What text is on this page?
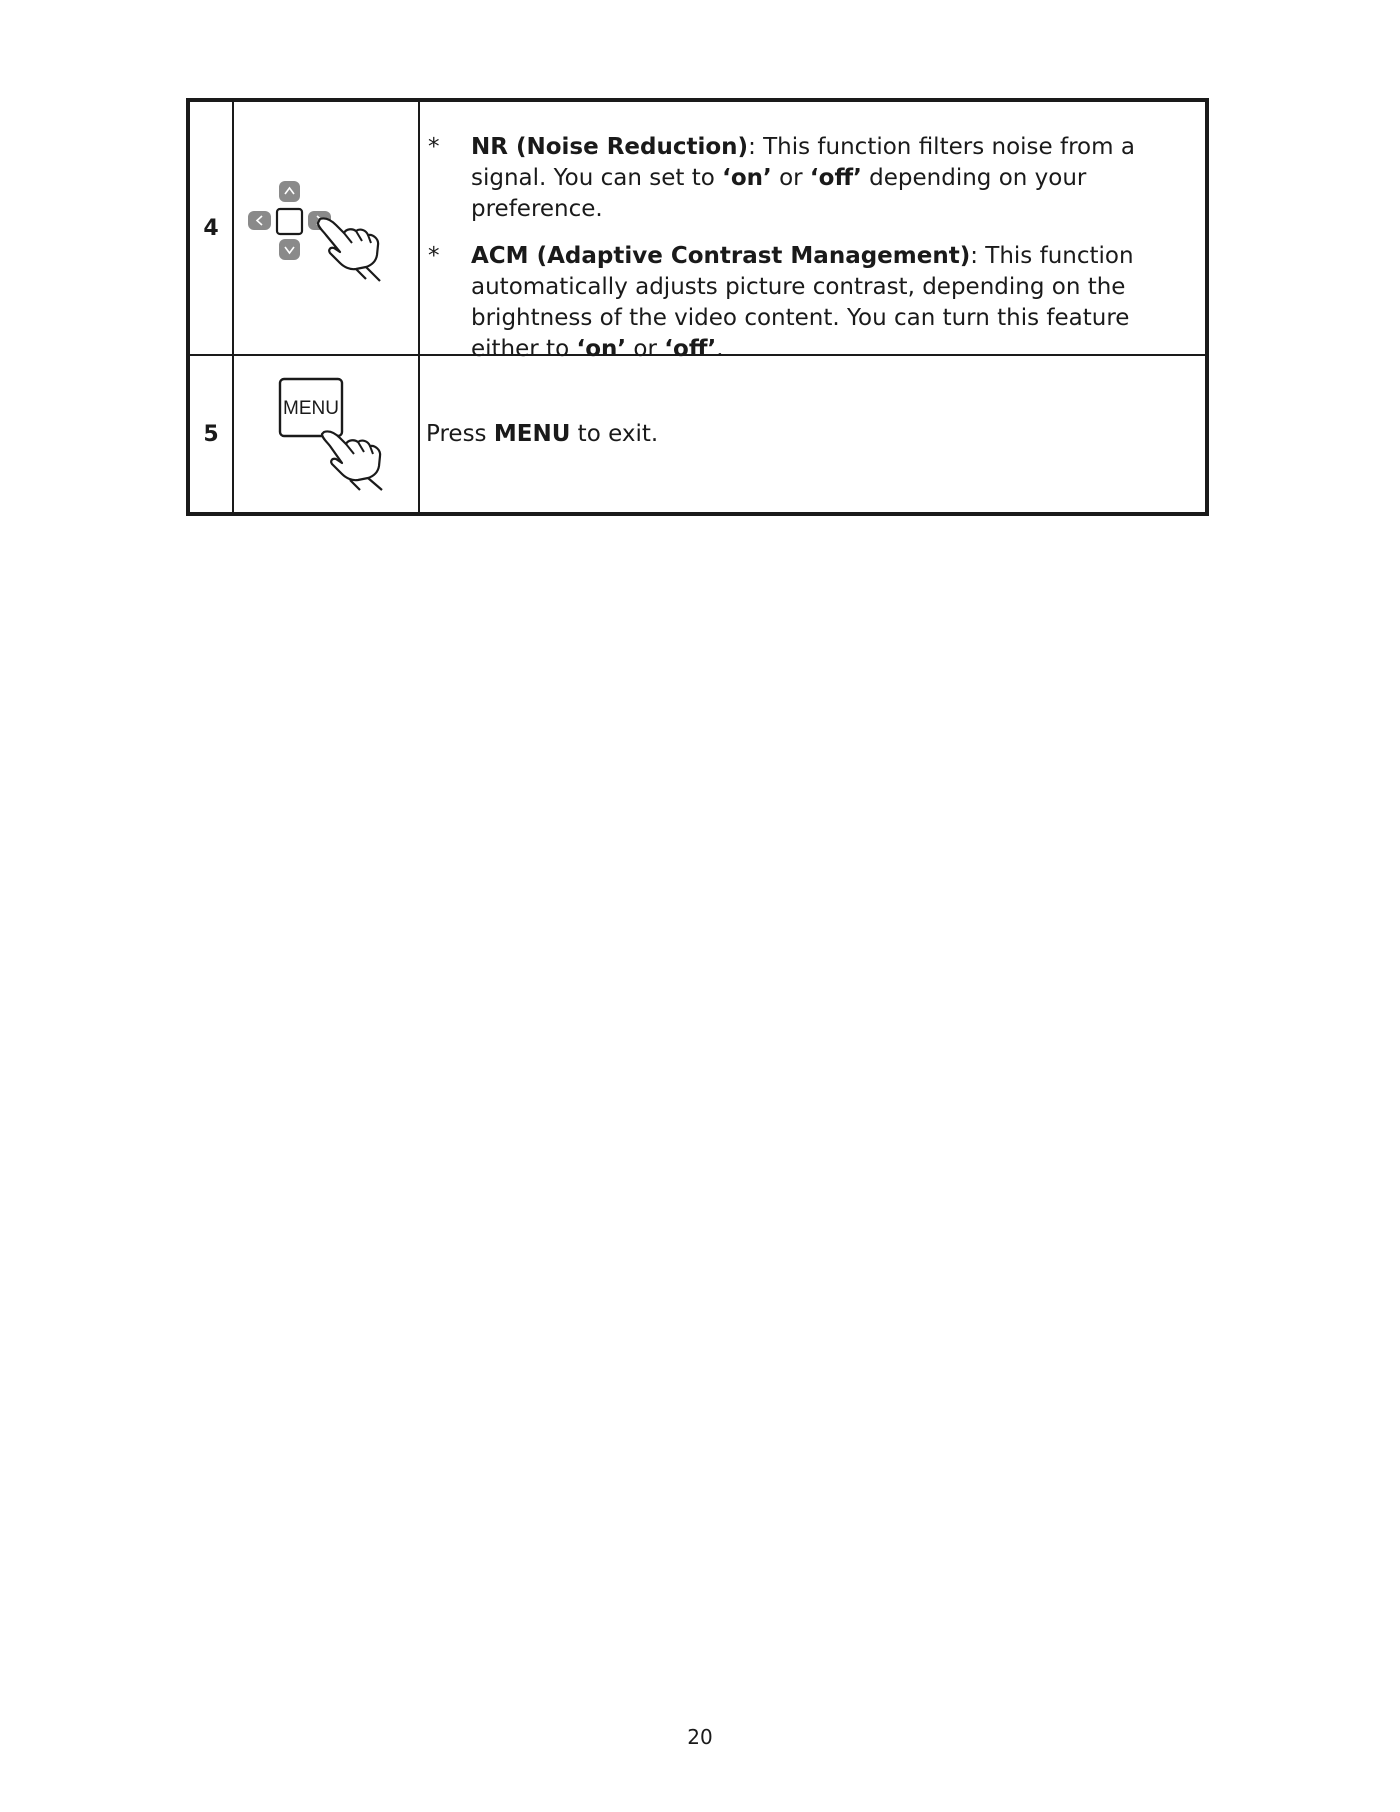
4
*	NR (Noise Reduction): This function filters noise from a signal. You can set to ‘on’ or ‘off’ depending on your preference.
*	ACM (Adaptive Contrast Management): This function automatically adjusts picture contrast, depending on the brightness of the video content. You can turn this feature either to ‘on’ or ‘off’.
5
MENU
Press MENU to exit.
20
